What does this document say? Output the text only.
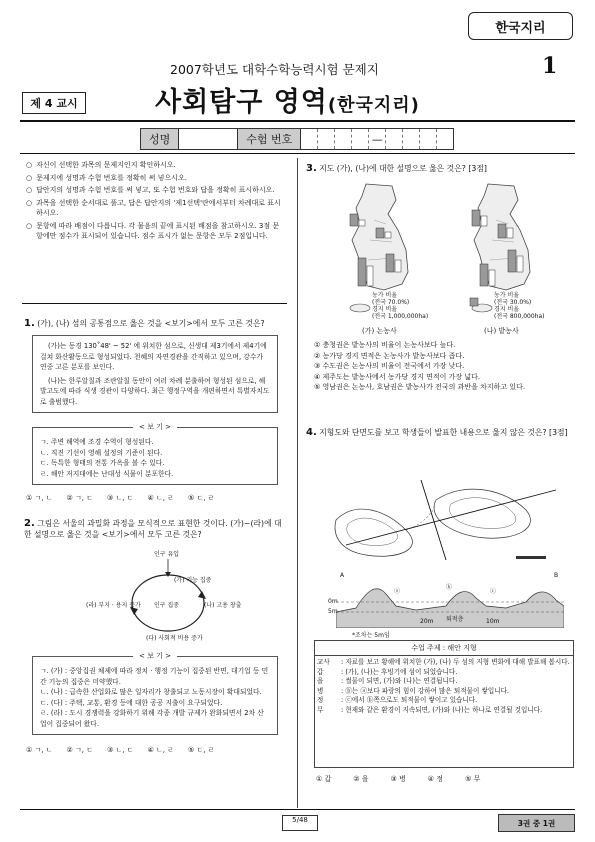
한국지리
2007학년도 대학수학능력시험 문제지	1
제 4 교시	사회탐구 영역(한국지리)
성명	수험 번호	—
○ 자신이 선택한 과목의 문제지인지 확인하시오.
○ 문제지에 성명과 수험 번호를 정확히 써 넣으시오.
○ 답안지의 성명과 수험 번호를 써 넣고, 또 수험 번호와 답을 정확히 표시하시오.
○ 과목을 선택한 순서대로 풀고, 답은 답안지의 '제1선택'란에서부터 차례대로 표시하시오.
○ 문항에 따라 배점이 다릅니다. 각 물음의 끝에 표시된 배점을 참고하시오. 3점 문항에만 점수가 표시되어 있습니다. 점수 표시가 없는 문항은 모두 2점입니다.
1. (가), (나) 섬의 공통점으로 옳은 것을 <보기>에서 모두 고른 것은?
(가)는 동경 130˚48' ~ 52' 에 위치한 섬으로, 신생대 제3기에서 제4기에 걸쳐 화산활동으로 형성되었다. 천혜의 자연경관을 간직하고 있으며, 강수가 연중 고른 분포를 보인다.
(나)는 한루알칠과 조란알칠 동안이 여러 차례 분출하여 형성된 섬으로, 해발고도에 따라 식생 경관이 다양하다. 최근 행정구역을 개편하면서 특별자치도로 출범했다.
< 보 기 >
ㄱ. 주변 해역에 조경 수역이 형성된다.
ㄴ. 직진 기선이 영해 설정의 기준이 된다.
ㄷ. 독특한 형태의 전통 가옥을 볼 수 있다.
ㄹ. 해안 저지대에는 난대성 식물이 분포한다.
① ㄱ, ㄴ ② ㄱ, ㄷ ③ ㄴ, ㄷ ④ ㄴ, ㄹ ⑤ ㄷ, ㄹ
2. 그림은 서울의 과밀화 과정을 모식적으로 표현한 것이다. (가)~(라)에 대한 설명으로 옳은 것을 <보기>에서 모두 고른 것은?
인구 유입
(가) 기능 집중
(나) 고용 창출
(다) 사회적 비용 증가
(라) 부지 · 용지 증가 인구 집중
< 보 기 >
ㄱ. (가) : 중앙집권 체제에 따라 정치 · 행정 기능이 집중된 반면, 대기업 등 민간 기능의 집중은 미약했다.
ㄴ. (나) : 급속한 산업화로 많은 일자리가 창출되고 노동시장이 확대되었다.
ㄷ. (다) : 주택, 교통, 환경 등에 대한 공공 지출이 요구되었다.
ㄹ. (라) : 도시 경쟁력을 강화하기 위해 각종 개발 규제가 완화되면서 2차 산업이 집중되어 왔다.
① ㄱ, ㄴ ② ㄱ, ㄷ ③ ㄴ, ㄷ ④ ㄴ, ㄹ ⑤ ㄷ, ㄹ
3. 지도 (가), (나)에 대한 설명으로 옳은 것은? [3점]
농가 비율
(전국 70.0%)
경지 비율
(전국 1,000,000ha)
농가 비율
(전국 30.0%)
경지 비율
(전국 800,000ha)
(가) 논농사	(나) 밭농사
① 충청권은 밭농사의 비율이 논농사보다 높다.
② 농가당 경지 면적은 논농사가 밭농사보다 좁다.
③ 수도권은 논농사의 비율이 전국에서 가장 낮다.
④ 제주도는 밭농사에서 농가당 경지 면적이 가장 넓다.
⑤ 영남권은 논농사, 호남권은 밭농사가 전국의 과반을 차지하고 있다.
4. 지형도와 단면도를 보고 학생들이 발표한 내용으로 옳지 않은 것은? [3점]
A	B
ⓐ
ⓑ
ⓒ
퇴적층
0m
5m
20m	10m
*조차는 5m임
수업 주제 : 해안 지형
교사	: 자료를 보고 황해에 위치한 (가), (나) 두 섬의 지형 변화에 대해 발표해 봅시다.
갑	: (가), (나)는 후빙기에 섬이 되었습니다.
을	: 썰물이 되면, (가)와 (나)는 연결됩니다.
병	: ⓑ는 ⓐ보다 파랑의 힘이 강하여 많은 퇴적물이 쌓입니다.
정	: ⓒ에서 ⓑ쪽으로도 퇴적물이 쌓이고 있습니다.
무	: 현재와 같은 환경이 지속되면, (가)와 (나)는 하나로 연결될 것입니다.
① 갑	② 을	③ 병	④ 정	⑤ 무
5/48	3권 중 1권
